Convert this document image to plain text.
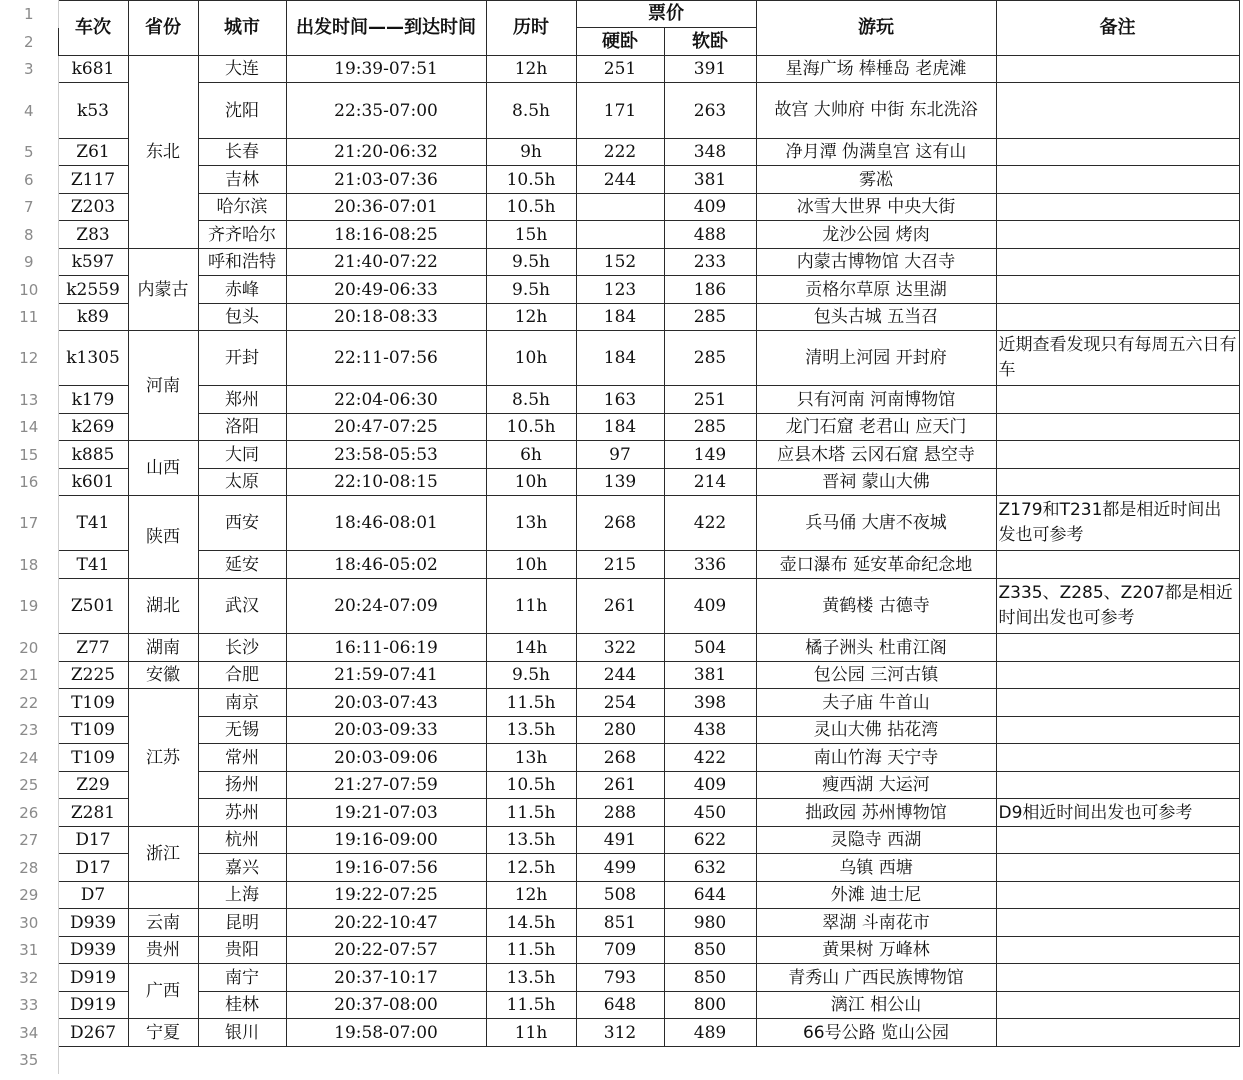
1	车次	省份	城市	出发时间——到达时间	历时	票价		游玩	备注
2						硬卧	软卧		
3	k681	东北	大连	19:39-07:51	12h	251	391	星海广场 棒棰岛 老虎滩	
4	k53		沈阳	22:35-07:00	8.5h	171	263	故宫 大帅府 中街 东北洗浴	
5	Z61		长春	21:20-06:32	9h	222	348	净月潭 伪满皇宫 这有山	
6	Z117		吉林	21:03-07:36	10.5h	244	381	雾凇	
7	Z203		哈尔滨	20:36-07:01	10.5h		409	冰雪大世界 中央大街	
8	Z83		齐齐哈尔	18:16-08:25	15h		488	龙沙公园 烤肉	
9	k597	内蒙古	呼和浩特	21:40-07:22	9.5h	152	233	内蒙古博物馆 大召寺	
10	k2559		赤峰	20:49-06:33	9.5h	123	186	贡格尔草原 达里湖	
11	k89		包头	20:18-08:33	12h	184	285	包头古城 五当召	
12	k1305	河南	开封	22:11-07:56	10h	184	285	清明上河园 开封府	近期查看发现只有每周五六日有车
13	k179		郑州	22:04-06:30	8.5h	163	251	只有河南 河南博物馆	
14	k269		洛阳	20:47-07:25	10.5h	184	285	龙门石窟 老君山 应天门	
15	k885	山西	大同	23:58-05:53	6h	97	149	应县木塔 云冈石窟 悬空寺	
16	k601		太原	22:10-08:15	10h	139	214	晋祠 蒙山大佛	
17	T41	陕西	西安	18:46-08:01	13h	268	422	兵马俑 大唐不夜城	Z179和T231都是相近时间出发也可参考
18	T41		延安	18:46-05:02	10h	215	336	壶口瀑布 延安革命纪念地	
19	Z501	湖北	武汉	20:24-07:09	11h	261	409	黄鹤楼 古德寺	Z335、Z285、Z207都是相近时间出发也可参考
20	Z77	湖南	长沙	16:11-06:19	14h	322	504	橘子洲头 杜甫江阁	
21	Z225	安徽	合肥	21:59-07:41	9.5h	244	381	包公园 三河古镇	
22	T109	江苏	南京	20:03-07:43	11.5h	254	398	夫子庙 牛首山	
23	T109		无锡	20:03-09:33	13.5h	280	438	灵山大佛 拈花湾	
24	T109		常州	20:03-09:06	13h	268	422	南山竹海 天宁寺	
25	Z29		扬州	21:27-07:59	10.5h	261	409	瘦西湖 大运河	
26	Z281		苏州	19:21-07:03	11.5h	288	450	拙政园 苏州博物馆	D9相近时间出发也可参考
27	D17	浙江	杭州	19:16-09:00	13.5h	491	622	灵隐寺 西湖	
28	D17		嘉兴	19:16-07:56	12.5h	499	632	乌镇 西塘	
29	D7		上海	19:22-07:25	12h	508	644	外滩 迪士尼	
30	D939	云南	昆明	20:22-10:47	14.5h	851	980	翠湖 斗南花市	
31	D939	贵州	贵阳	20:22-07:57	11.5h	709	850	黄果树 万峰林	
32	D919	广西	南宁	20:37-10:17	13.5h	793	850	青秀山 广西民族博物馆	
33	D919		桂林	20:37-08:00	11.5h	648	800	漓江 相公山	
34	D267	宁夏	银川	19:58-07:00	11h	312	489	66号公路 览山公园	
35									
